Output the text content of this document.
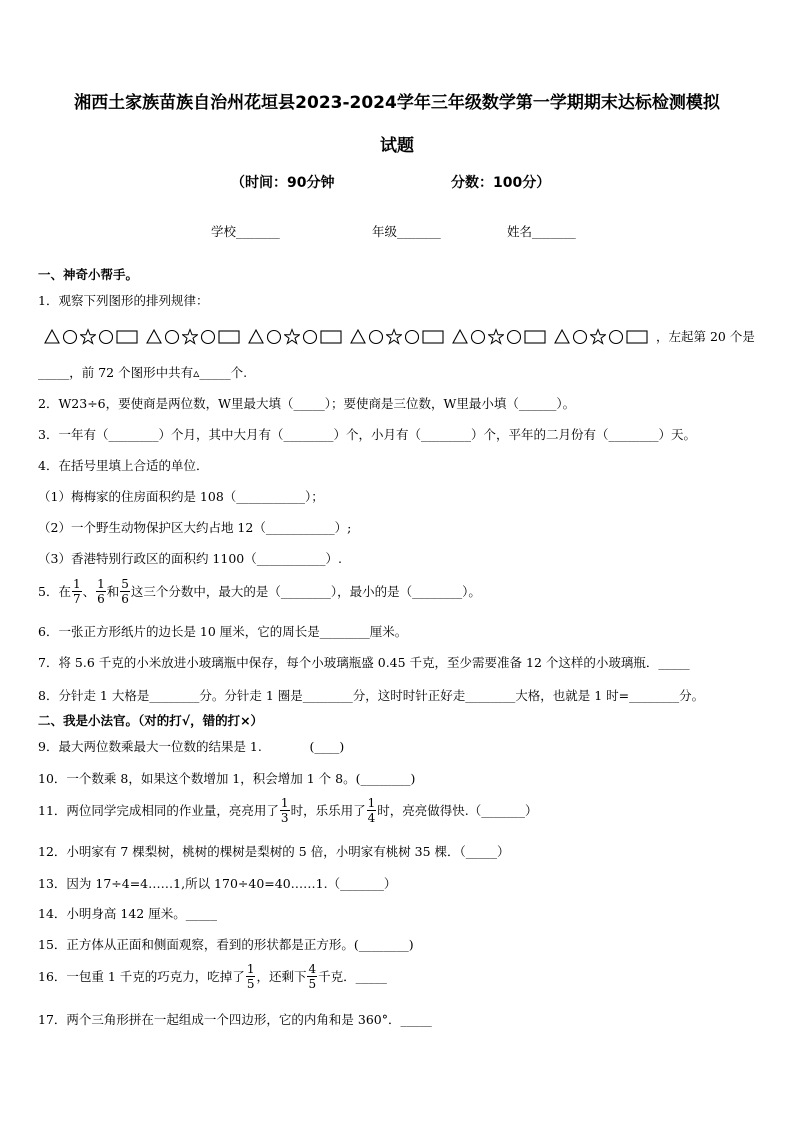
湘西土家族苗族自治州花垣县2023-2024学年三年级数学第一学期期末达标检测模拟
试题
（时间：90分钟	分数：100分）
学校_______	年级_______	姓名_______
一、神奇小帮手。
1．观察下列图形的排列规律：
，左起第 20 个是
_____，前 72 个图形中共有▵_____个.
2．W23÷6，要使商是两位数，W里最大填（_____）；要使商是三位数，W里最小填（______）。
3．一年有（________）个月，其中大月有（________）个，小月有（________）个，平年的二月份有（________）天。
4．在括号里填上合适的单位．
（1）梅梅家的住房面积约是 108（___________）；
（2）一个野生动物保护区大约占地 12（___________）;
（3）香港特别行政区的面积约 1100（___________）.
5．在 $\frac{1}{7}$ 、 $\frac{1}{6}$ 和 $\frac{5}{6}$ 这三个分数中，最大的是（________），最小的是（________）。
6．一张正方形纸片的边长是 10 厘米，它的周长是________厘米。
7．将 5.6 千克的小米放进小玻璃瓶中保存，每个小玻璃瓶盛 0.45 千克，至少需要准备 12 个这样的小玻璃瓶．_____
8．分针走 1 大格是________分。分针走 1 圈是________分，这时时针正好走________大格，也就是 1 时=________分。
二、我是小法官。（对的打√，错的打×）
9．最大两位数乘最大一位数的结果是 1.            (____)
10．一个数乘 8，如果这个数增加 1，积会增加 1 个 8。(________)
11．两位同学完成相同的作业量，亮亮用了 $\frac{1}{3}$ 时，乐乐用了 $\frac{1}{4}$ 时，亮亮做得快.（_______）
12．小明家有 7 棵梨树，桃树的棵树是梨树的 5 倍，小明家有桃树 35 棵．（_____）
13．因为 17÷4=4……1,所以 170÷40=40……1.（_______）
14．小明身高 142 厘米。_____
15．正方体从正面和侧面观察，看到的形状都是正方形。(________)
16．一包重 1 千克的巧克力，吃掉了 $\frac{1}{5}$ ，还剩下 $\frac{4}{5}$ 千克．_____
17．两个三角形拼在一起组成一个四边形，它的内角和是 360°．_____
